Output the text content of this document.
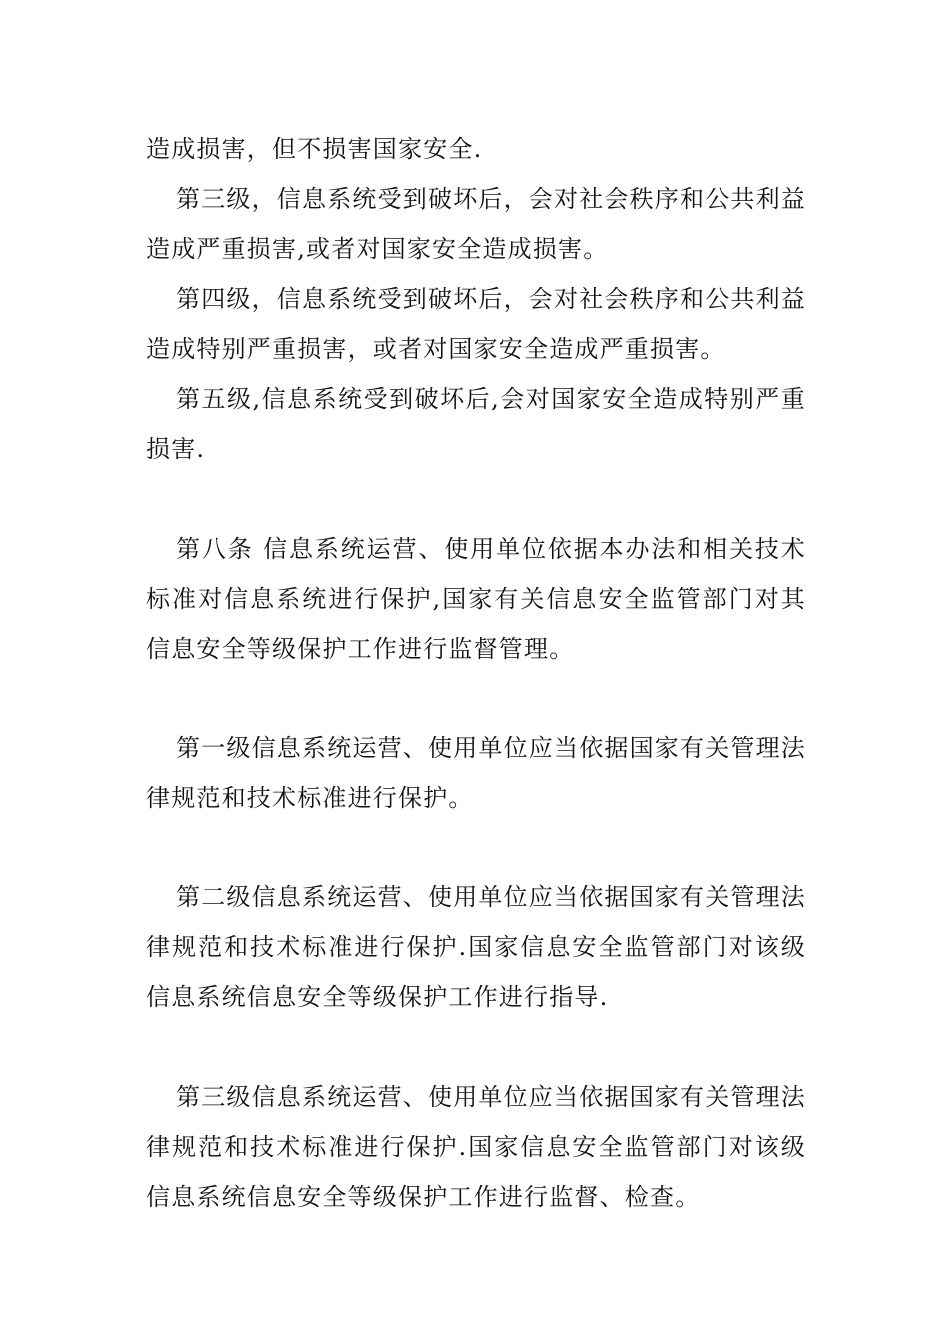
造成损害，但不损害国家安全.

第三级，信息系统受到破坏后，会对社会秩序和公共利益造成严重损害,或者对国家安全造成损害。

第四级，信息系统受到破坏后，会对社会秩序和公共利益造成特别严重损害，或者对国家安全造成严重损害。

第五级,信息系统受到破坏后,会对国家安全造成特别严重损害.

第八条 信息系统运营、使用单位依据本办法和相关技术标准对信息系统进行保护,国家有关信息安全监管部门对其信息安全等级保护工作进行监督管理。

第一级信息系统运营、使用单位应当依据国家有关管理法律规范和技术标准进行保护。

第二级信息系统运营、使用单位应当依据国家有关管理法律规范和技术标准进行保护.国家信息安全监管部门对该级信息系统信息安全等级保护工作进行指导.

第三级信息系统运营、使用单位应当依据国家有关管理法律规范和技术标准进行保护.国家信息安全监管部门对该级信息系统信息安全等级保护工作进行监督、检查。
